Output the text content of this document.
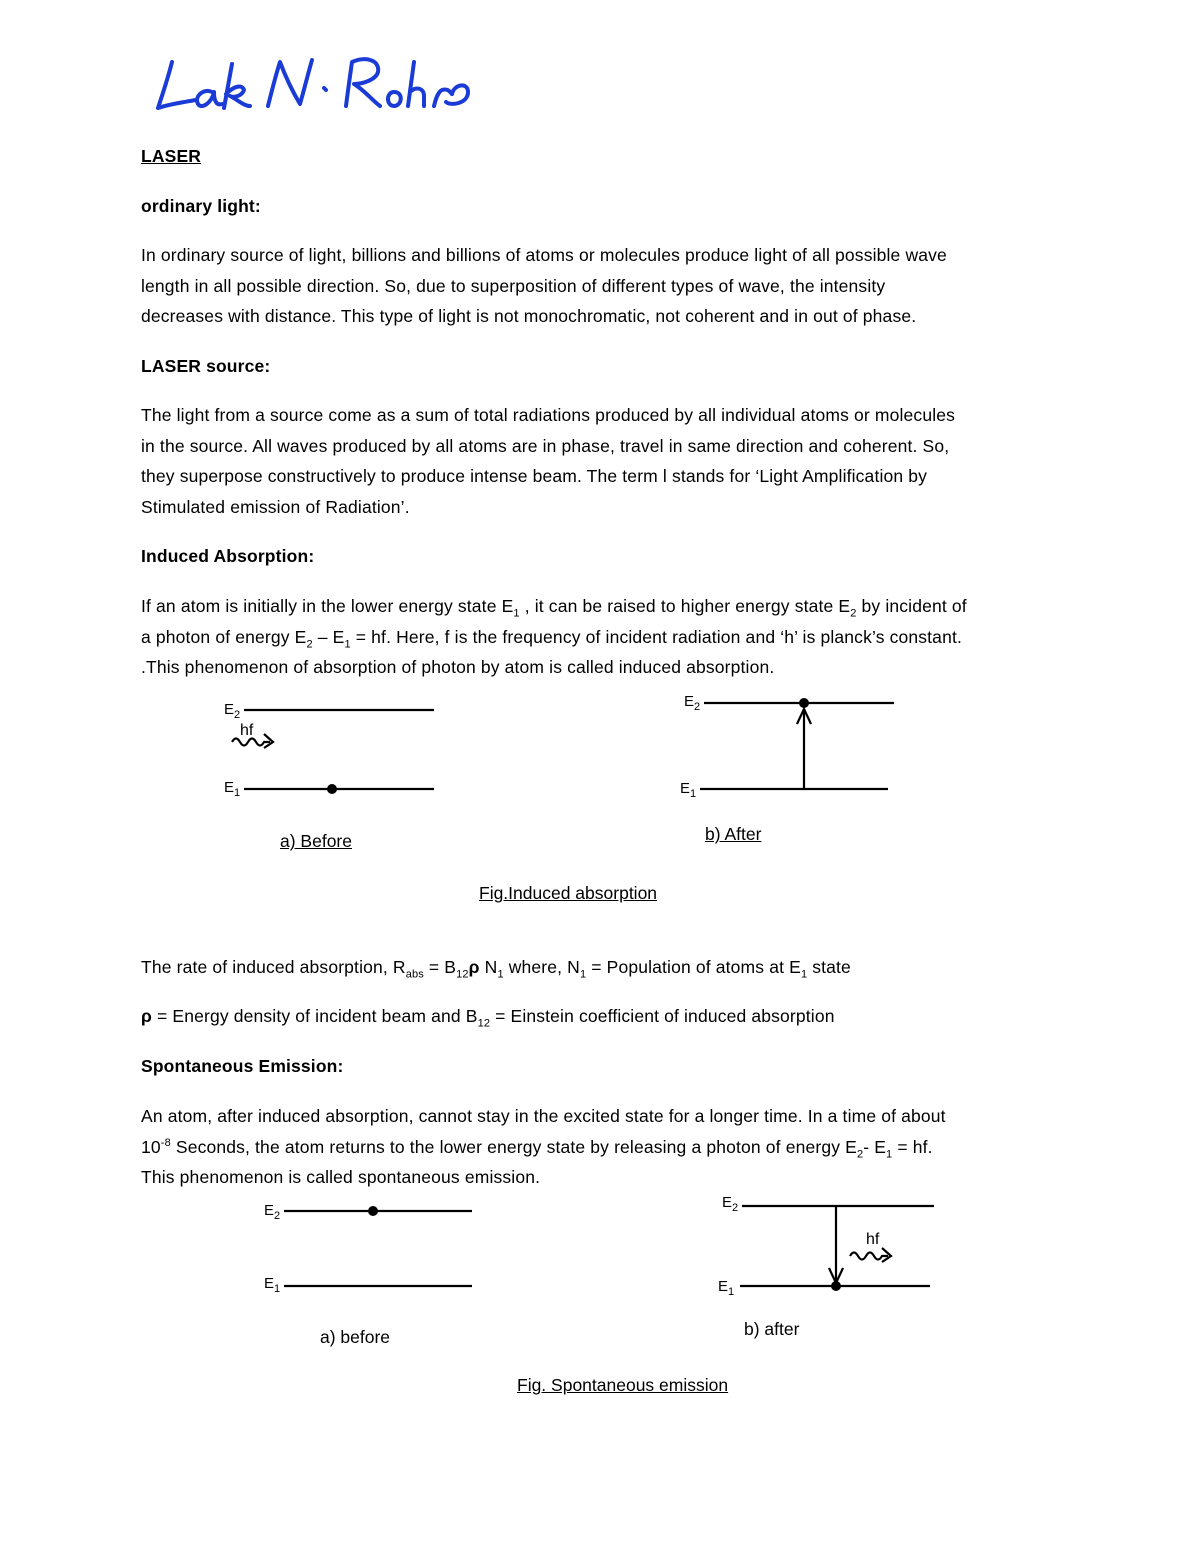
LASER
ordinary light:
In ordinary source of light, billions and billions of atoms or molecules produce light of all possible wave
length in all possible direction. So, due to superposition of different types of wave, the intensity
decreases with distance. This type of light is not monochromatic, not coherent and in out of phase.
LASER source:
The light from a source come as a sum of total radiations produced by all individual atoms or molecules
in the source. All waves produced by all atoms are in phase, travel in same direction and coherent. So,
they superpose constructively to produce intense beam. The term l stands for ‘Light Amplification by
Stimulated emission of Radiation’.
Induced Absorption:
If an atom is initially in the lower energy state $E_1$ , it can be raised to higher energy state $E_2$ by incident of
a photon of energy $E_2 - E_1$ = hf. Here, f is the frequency of incident radiation and ‘h’ is planck’s constant.
.This phenomenon of absorption of photon by atom is called induced absorption.
$E_2$
hf
$E_1$
$E_2$
$E_1$
a) Before	b) After
Fig.Induced absorption
The rate of induced absorption, $R_{abs} = B_{12}\rho$ $N_1$ where, $N_1$ = Population of atoms at $E_1$ state
ρ = Energy density of incident beam and $B_{12}$ = Einstein coefficient of induced absorption
Spontaneous Emission:
An atom, after induced absorption, cannot stay in the excited state for a longer time. In a time of about
$10^{-8}$ Seconds, the atom returns to the lower energy state by releasing a photon of energy $E_2-$ $E_1$ = hf.
This phenomenon is called spontaneous emission.
$E_2$
$E_1$
$E_2$
hf
$E_1$
a) before	b) after
Fig. Spontaneous emission
